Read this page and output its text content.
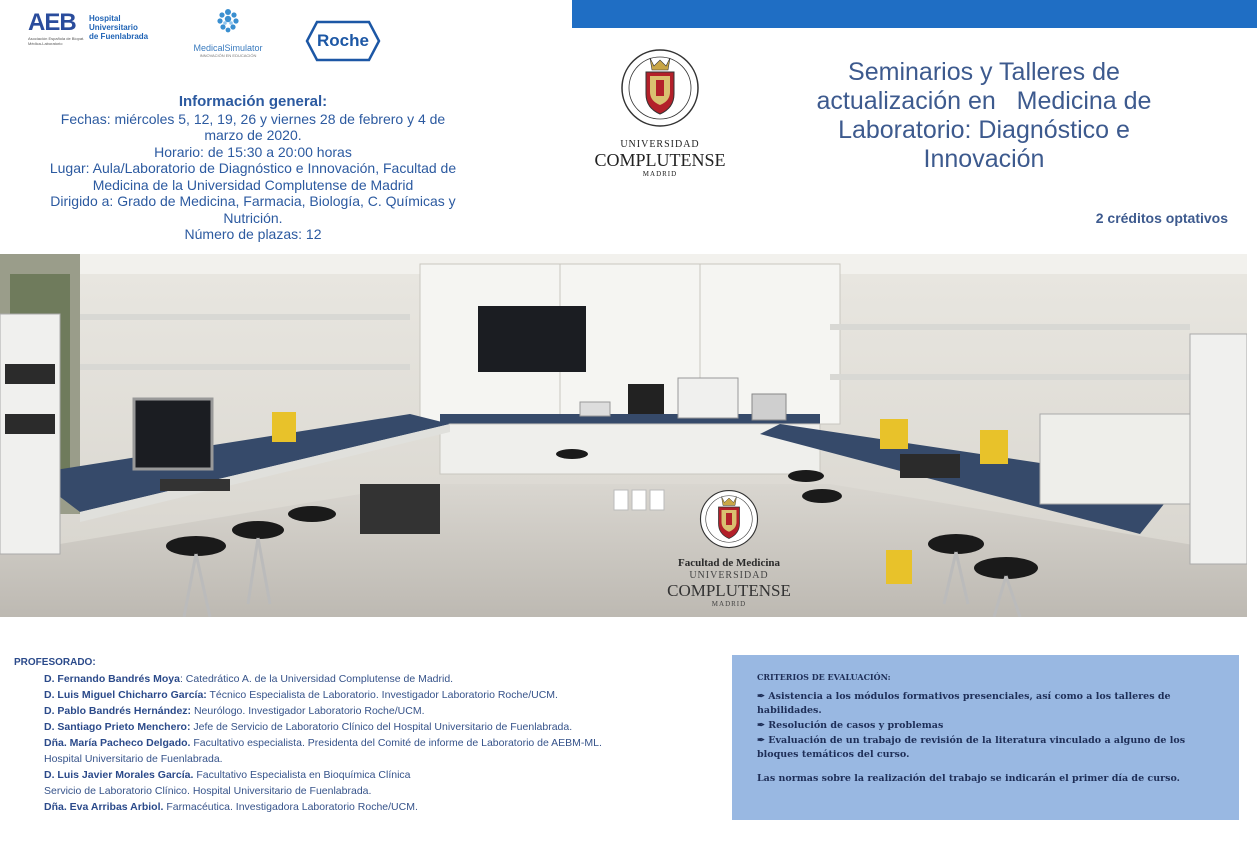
AEB
Asociación Española de Biopat. Médica-Laboratorio
Hospital
Universitario
de Fuenlabrada
MedicalSimulator
INNOVACIÓN EN EDUCACIÓN
Roche
Información general:
Fechas: miércoles 5, 12, 19, 26 y viernes 28 de febrero y 4 de
marzo de 2020.
Horario: de 15:30 a 20:00 horas
Lugar: Aula/Laboratorio de Diagnóstico e Innovación, Facultad de
Medicina de la Universidad Complutense de Madrid
Dirigido a: Grado de Medicina, Farmacia, Biología, C. Químicas y
Nutrición.
Número de plazas: 12
UNIVERSIDAD
COMPLUTENSE
MADRID
Seminarios y Talleres de
actualización en   Medicina de
Laboratorio: Diagnóstico e
Innovación
2 créditos optativos
Facultad de Medicina
UNIVERSIDAD
COMPLUTENSE
MADRID
PROFESORADO:
D. Fernando Bandrés Moya: Catedrático A. de la Universidad Complutense de Madrid.
D. Luis Miguel Chicharro García: Técnico Especialista de Laboratorio. Investigador Laboratorio Roche/UCM.
D. Pablo Bandrés Hernández: Neurólogo. Investigador Laboratorio Roche/UCM.
D. Santiago Prieto Menchero: Jefe de Servicio de Laboratorio Clínico del Hospital Universitario de Fuenlabrada.
Dña. María Pacheco Delgado. Facultativo especialista. Presidenta del Comité de informe de Laboratorio de AEBM-ML.
Hospital Universitario de Fuenlabrada.
D. Luis Javier Morales García. Facultativo Especialista en Bioquímica Clínica
Servicio de Laboratorio Clínico. Hospital Universitario de Fuenlabrada.
Dña. Eva Arribas Arbiol. Farmacéutica. Investigadora Laboratorio Roche/UCM.
CRITERIOS DE EVALUACIÓN:
✒ Asistencia a los módulos formativos presenciales, así como a los talleres de habilidades.
✒ Resolución de casos y problemas
✒ Evaluación de un trabajo de revisión de la literatura vinculado a alguno de los bloques temáticos del curso.
Las normas sobre la realización del trabajo se indicarán el primer día de curso.
